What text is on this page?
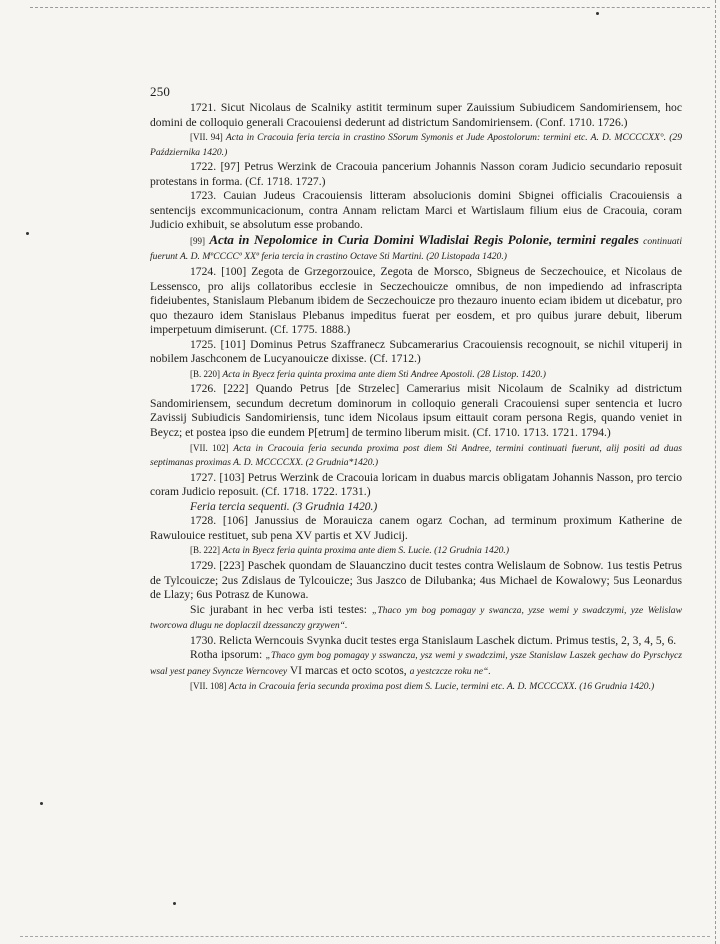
250

1721. Sicut Nicolaus de Scalniky astitit terminum super Zauissium Subiudicem Sandomiriensem, hoc domini de colloquio generali Cracouiensi dederunt ad districtum Sandomiriensem. (Conf. 1710. 1726.)

[VII. 94] Acta in Cracouia feria tercia in crastino SSorum Symonis et Jude Apostolorum: termini etc. A. D. MCCCCXX°. (29 Października 1420.)

1722. [97] Petrus Werzink de Cracouia pancerium Johannis Nasson coram Judicio secundario reposuit protestans in forma. (Cf. 1718. 1727.)

1723. Cauian Judeus Cracouiensis litteram absolucionis domini Sbignei officialis Cracouiensis a sentencijs excommunicacionum, contra Annam relictam Marci et Wartislaum filium eius de Cracouia, coram Judicio exhibuit, se absolutum esse probando.

[99] Acta in Nepolomice in Curia Domini Wladislai Regis Polonie, termini regales continuati fuerunt A. D. MºCCCCº XXº feria tercia in crastino Octave Sti Martini. (20 Listopada 1420.)

1724. [100] Zegota de Grzegorzouice, Zegota de Morsco, Sbigneus de Seczechouice, et Nicolaus de Lessensco, pro alijs collatoribus ecclesie in Seczechouicze omnibus, de non impediendo ad infrascripta fideiubentes, Stanislaum Plebanum ibidem de Seczechouicze pro thezauro inuento eciam ibidem ut dicebatur, pro quo thezauro idem Stanislaus Plebanus impeditus fuerat per eosdem, et pro quibus jurare debuit, liberum imperpetuum dimiserunt. (Cf. 1775. 1888.)

1725. [101] Dominus Petrus Szaffranecz Subcamerarius Cracouiensis recognouit, se nichil vituperij in nobilem Jaschconem de Lucyanouicze dixisse. (Cf. 1712.)

[B. 220] Acta in Byecz feria quinta proxima ante diem Sti Andree Apostoli. (28 Listop. 1420.)

1726. [222] Quando Petrus [de Strzelec] Camerarius misit Nicolaum de Scalniky ad districtum Sandomiriensem, secundum decretum dominorum in colloquio generali Cracouiensi super sentencia et lucro Zavissij Subiudicis Sandomiriensis, tunc idem Nicolaus ipsum eittauit coram persona Regis, quando veniet in Beycz; et postea ipso die eundem P[etrum] de termino liberum misit. (Cf. 1710. 1713. 1721. 1794.)

[VII. 102] Acta in Cracouia feria secunda proxima post diem Sti Andree, termini continuati fuerunt, alij positi ad duas septimanas proximas A. D. MCCCCXX. (2 Grudnia*1420.)

1727. [103] Petrus Werzink de Cracouia loricam in duabus marcis obligatam Johannis Nasson, pro tercio coram Judicio reposuit. (Cf. 1718. 1722. 1731.)

Feria tercia sequenti. (3 Grudnia 1420.)

1728. [106] Janussius de Morauicza canem ogarz Cochan, ad terminum proximum Katherine de Rawulouice restituet, sub pena XV partis et XV Judicij.

[B. 222] Acta in Byecz feria quinta proxima ante diem S. Lucie. (12 Grudnia 1420.)

1729. [223] Paschek quondam de Slauanczino ducit testes contra Welislaum de Sobnow. 1us testis Petrus de Tylcouicze; 2us Zdislaus de Tylcouicze; 3us Jaszco de Dilubanka; 4us Michael de Kowalowy; 5us Leonardus de Llazy; 6us Potrasz de Kunowa.

Sic jurabant in hec verba isti testes: „Thaco ym bog pomagay y swancza, yzse wemi y swadczymi, yze Welislaw tworcowa dlugu ne doplaczil dzessanczy grzywen“.

1730. Relicta Werncouis Svynka ducit testes erga Stanislaum Laschek dictum. Primus testis, 2, 3, 4, 5, 6.

Rotha ipsorum: „Thaco gym bog pomagay y sswancza, ysz wemi y swadczimi, ysze Stanislaw Laszek gechaw do Pyrschycz wsal yest paney Svyncze Werncovey VI marcas et octo scotos, a yestczcze roku ne“.

[VII. 108] Acta in Cracouia feria secunda proxima post diem S. Lucie, termini etc. A. D. MCCCCXX. (16 Grudnia 1420.)
